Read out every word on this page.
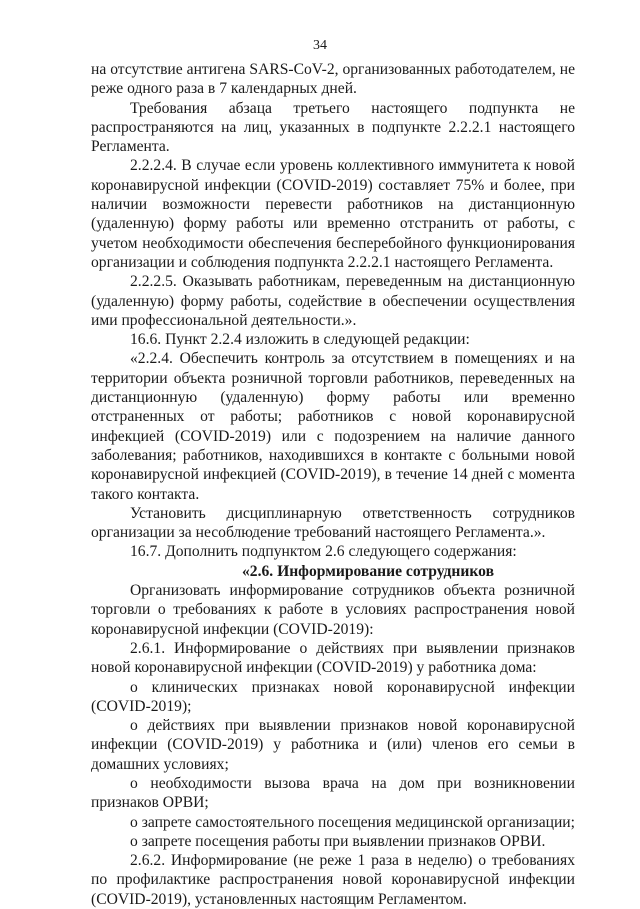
34

на отсутствие антигена SARS-CoV-2, организованных работодателем, не реже одного раза в 7 календарных дней.

Требования абзаца третьего настоящего подпункта не распространяются на лиц, указанных в подпункте 2.2.2.1 настоящего Регламента.

2.2.2.4. В случае если уровень коллективного иммунитета к новой коронавирусной инфекции (COVID-2019) составляет 75% и более, при наличии возможности перевести работников на дистанционную (удаленную) форму работы или временно отстранить от работы, с учетом необходимости обеспечения бесперебойного функционирования организации и соблюдения подпункта 2.2.2.1 настоящего Регламента.

2.2.2.5. Оказывать работникам, переведенным на дистанционную (удаленную) форму работы, содействие в обеспечении осуществления ими профессиональной деятельности.».

16.6. Пункт 2.2.4 изложить в следующей редакции:

«2.2.4. Обеспечить контроль за отсутствием в помещениях и на территории объекта розничной торговли работников, переведенных на дистанционную (удаленную) форму работы или временно отстраненных от работы; работников с новой коронавирусной инфекцией (COVID-2019) или с подозрением на наличие данного заболевания; работников, находившихся в контакте с больными новой коронавирусной инфекцией (COVID-2019), в течение 14 дней с момента такого контакта.

Установить дисциплинарную ответственность сотрудников организации за несоблюдение требований настоящего Регламента.».

16.7. Дополнить подпунктом 2.6 следующего содержания:

«2.6. Информирование сотрудников

Организовать информирование сотрудников объекта розничной торговли о требованиях к работе в условиях распространения новой коронавирусной инфекции (COVID-2019):

2.6.1. Информирование о действиях при выявлении признаков новой коронавирусной инфекции (COVID-2019) у работника дома:

о клинических признаках новой коронавирусной инфекции (COVID-2019);

о действиях при выявлении признаков новой коронавирусной инфекции (COVID-2019) у работника и (или) членов его семьи в домашних условиях;

о необходимости вызова врача на дом при возникновении признаков ОРВИ;

о запрете самостоятельного посещения медицинской организации;

о запрете посещения работы при выявлении признаков ОРВИ.

2.6.2. Информирование (не реже 1 раза в неделю) о требованиях по профилактике распространения новой коронавирусной инфекции (COVID-2019), установленных настоящим Регламентом.
